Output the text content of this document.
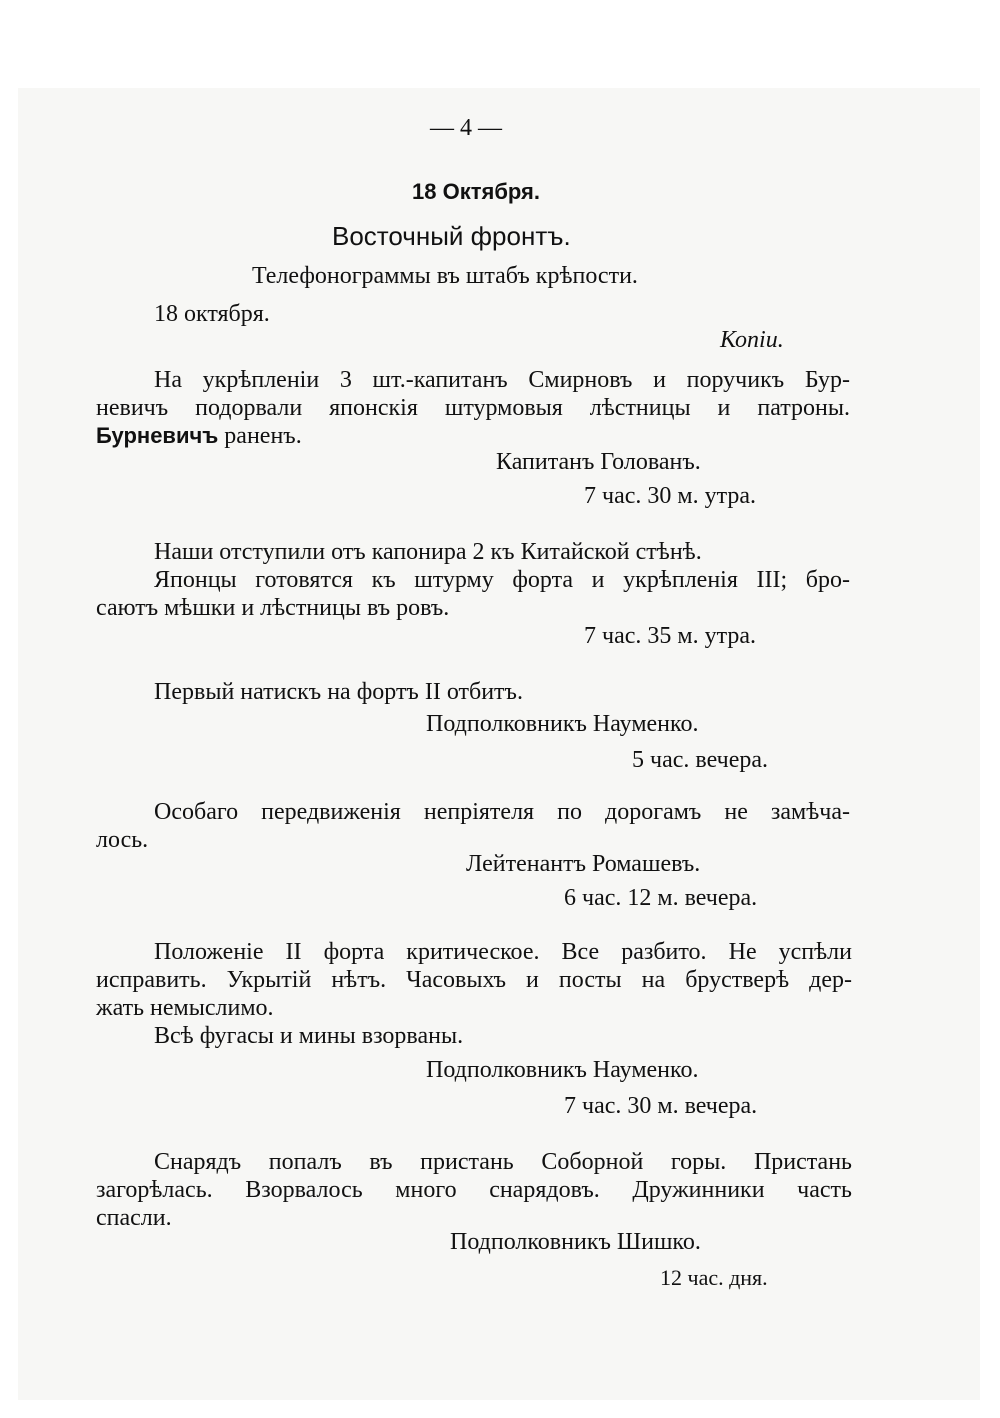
— 4 —
18 Октября.
Восточный фронтъ.
Телефонограммы въ штабъ крѣпости.
18 октября.
Копіи.
На укрѣпленіи 3 шт.-капитанъ Смирновъ и поручикъ Бур-
невичъ подорвали японскія штурмовыя лѣстницы и патроны.
Бурневичъ раненъ.
Капитанъ Голованъ.
7 час. 30 м. утра.
Наши отступили отъ капонира 2 къ Китайской стѣнѣ.
Японцы готовятся къ штурму форта и укрѣпленія III; бро-
саютъ мѣшки и лѣстницы въ ровъ.
7 час. 35 м. утра.
Первый натискъ на фортъ II отбитъ.
Подполковникъ Науменко.
5 час. вечера.
Особаго передвиженія непріятеля по дорогамъ не замѣча-
лось.
Лейтенантъ Ромашевъ.
6 час. 12 м. вечера.
Положеніе II форта критическое. Все разбито. Не успѣли
исправить. Укрытій нѣтъ. Часовыхъ и посты на брустверѣ дер-
жать немыслимо.
Всѣ фугасы и мины взорваны.
Подполковникъ Науменко.
7 час. 30 м. вечера.
Снарядъ попалъ въ пристань Соборной горы. Пристань
загорѣлась. Взорвалось много снарядовъ. Дружинники часть
спасли.
Подполковникъ Шишко.
12 час. дня.
